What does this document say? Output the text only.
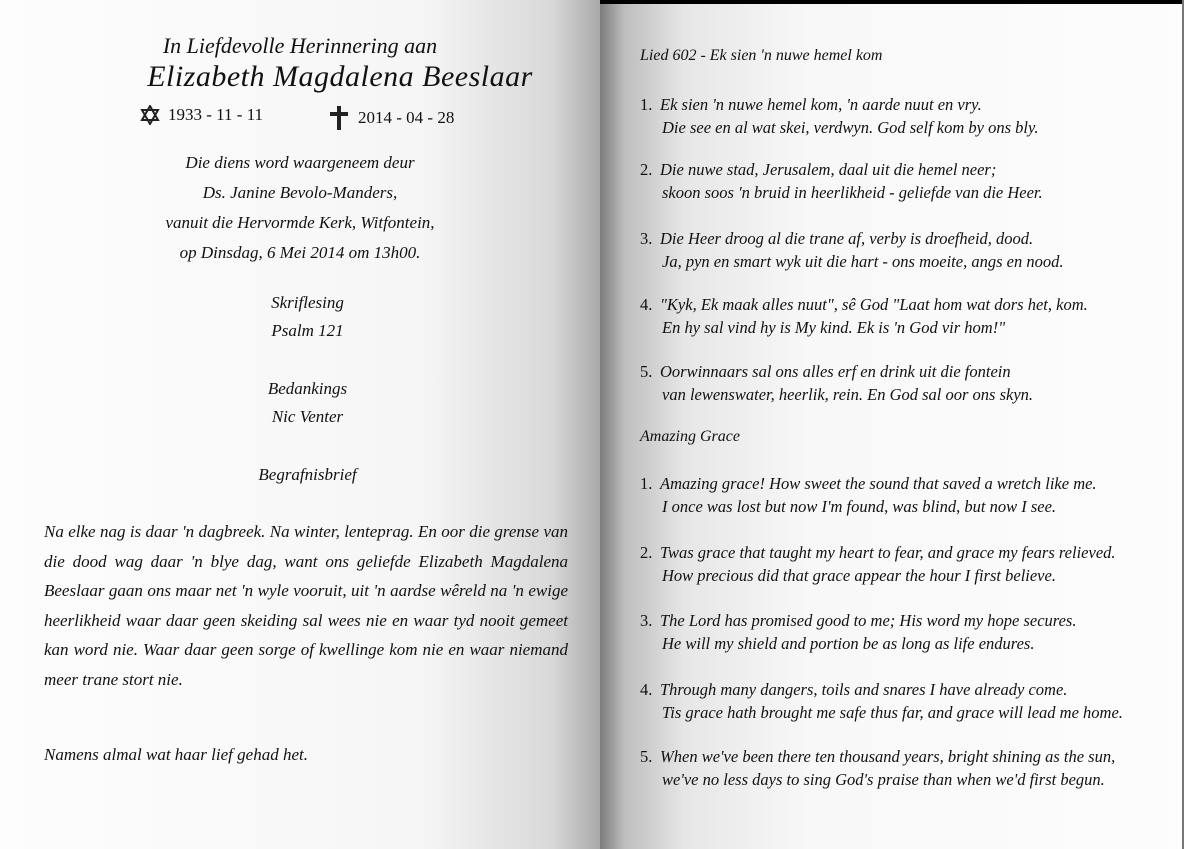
In Liefdevolle Herinnering aan
Elizabeth Magdalena Beeslaar
1933 - 11 - 11	2014 - 04 - 28
Die diens word waargeneem deur
Ds. Janine Bevolo-Manders,
vanuit die Hervormde Kerk, Witfontein,
op Dinsdag, 6 Mei 2014 om 13h00.
Skriflesing
Psalm 121
Bedankings
Nic Venter
Begrafnisbrief
Na elke nag is daar 'n dagbreek. Na winter, lenteprag. En oor die grense van die dood wag daar 'n blye dag, want ons geliefde Elizabeth Magdalena Beeslaar gaan ons maar net 'n wyle vooruit, uit 'n aardse wêreld na 'n ewige heerlikheid waar daar geen skeiding sal wees nie en waar tyd nooit gemeet kan word nie. Waar daar geen sorge of kwellinge kom nie en waar niemand meer trane stort nie.
Namens almal wat haar lief gehad het.
Lied 602 - Ek sien 'n nuwe hemel kom
1. Ek sien 'n nuwe hemel kom, 'n aarde nuut en vry.
Die see en al wat skei, verdwyn. God self kom by ons bly.
2. Die nuwe stad, Jerusalem, daal uit die hemel neer;
skoon soos 'n bruid in heerlikheid - geliefde van die Heer.
3. Die Heer droog al die trane af, verby is droefheid, dood.
Ja, pyn en smart wyk uit die hart - ons moeite, angs en nood.
4. "Kyk, Ek maak alles nuut", sê God "Laat hom wat dors het, kom.
En hy sal vind hy is My kind. Ek is 'n God vir hom!"
5. Oorwinnaars sal ons alles erf en drink uit die fontein
van lewenswater, heerlik, rein. En God sal oor ons skyn.
Amazing Grace
1. Amazing grace! How sweet the sound that saved a wretch like me.
I once was lost but now I'm found, was blind, but now I see.
2. Twas grace that taught my heart to fear, and grace my fears relieved.
How precious did that grace appear the hour I first believe.
3. The Lord has promised good to me; His word my hope secures.
He will my shield and portion be as long as life endures.
4. Through many dangers, toils and snares I have already come.
Tis grace hath brought me safe thus far, and grace will lead me home.
5. When we've been there ten thousand years, bright shining as the sun,
we've no less days to sing God's praise than when we'd first begun.
